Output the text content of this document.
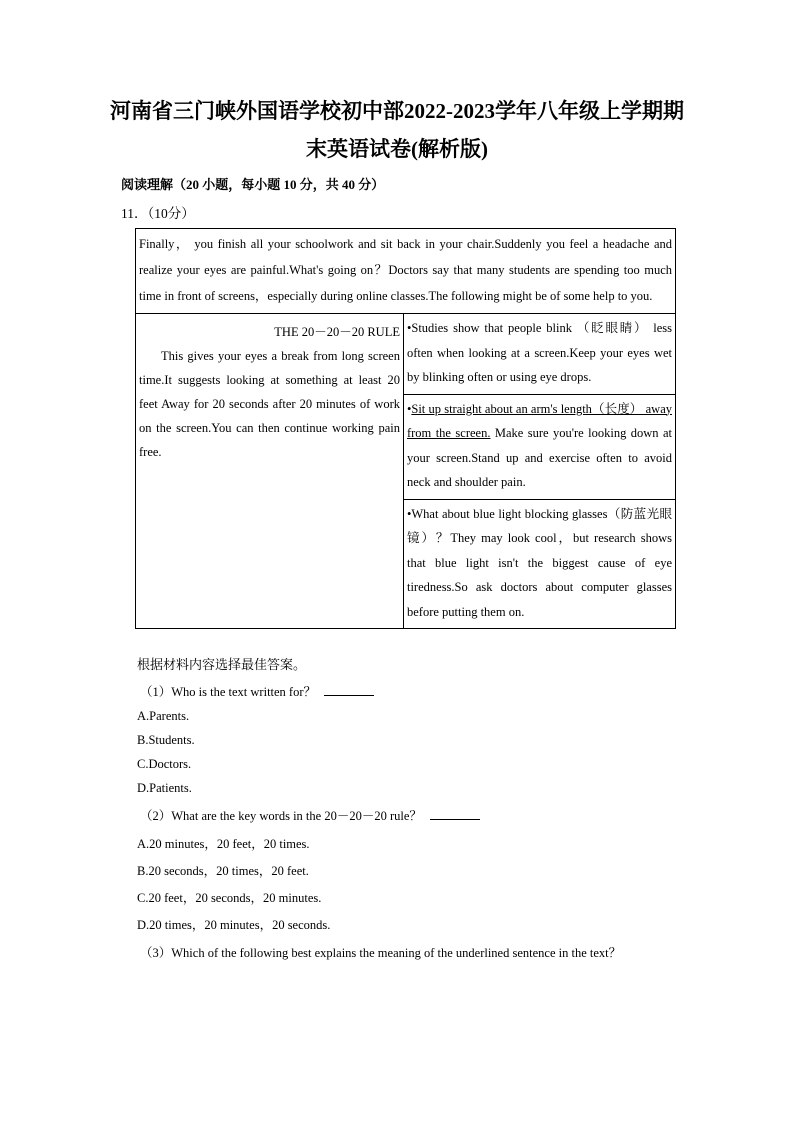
河南省三门峡外国语学校初中部2022-2023学年八年级上学期期
末英语试卷(解析版)
阅读理解（20 小题，每小题 10 分，共 40 分）
11．（10分）
Finally， you finish all your schoolwork and sit back in your chair.Suddenly you feel a headache and realize your eyes are painful.What's going on？Doctors say that many students are spending too much time in front of screens，especially during online classes.The following might be of some help to you.

THE 20－20－20 RULE
This gives your eyes a break from long screen time.It suggests looking at something at least 20 feet Away for 20 seconds after 20 minutes of work on the screen.You can then continue working pain free.
	•Studies show that people blink （眨眼睛） less often when looking at a screen.Keep your eyes wet by blinking often or using eye drops.
•Sit up straight about an arm's length（长度） away from the screen. Make sure you're looking down at your screen.Stand up and exercise often to avoid neck and shoulder pain.
•What about blue light blocking glasses（防蓝光眼镜）？They may look cool，but research shows that blue light isn't the biggest cause of eye tiredness.So ask doctors about computer glasses before putting them on.
根据材料内容选择最佳答案。
（1）Who is the text written for？
A.Parents.
B.Students.
C.Doctors.
D.Patients.
（2）What are the key words in the 20－20－20 rule？
A.20 minutes，20 feet，20 times.
B.20 seconds，20 times，20 feet.
C.20 feet，20 seconds，20 minutes.
D.20 times，20 minutes，20 seconds.
（3）Which of the following best explains the meaning of the underlined sentence in the text？
